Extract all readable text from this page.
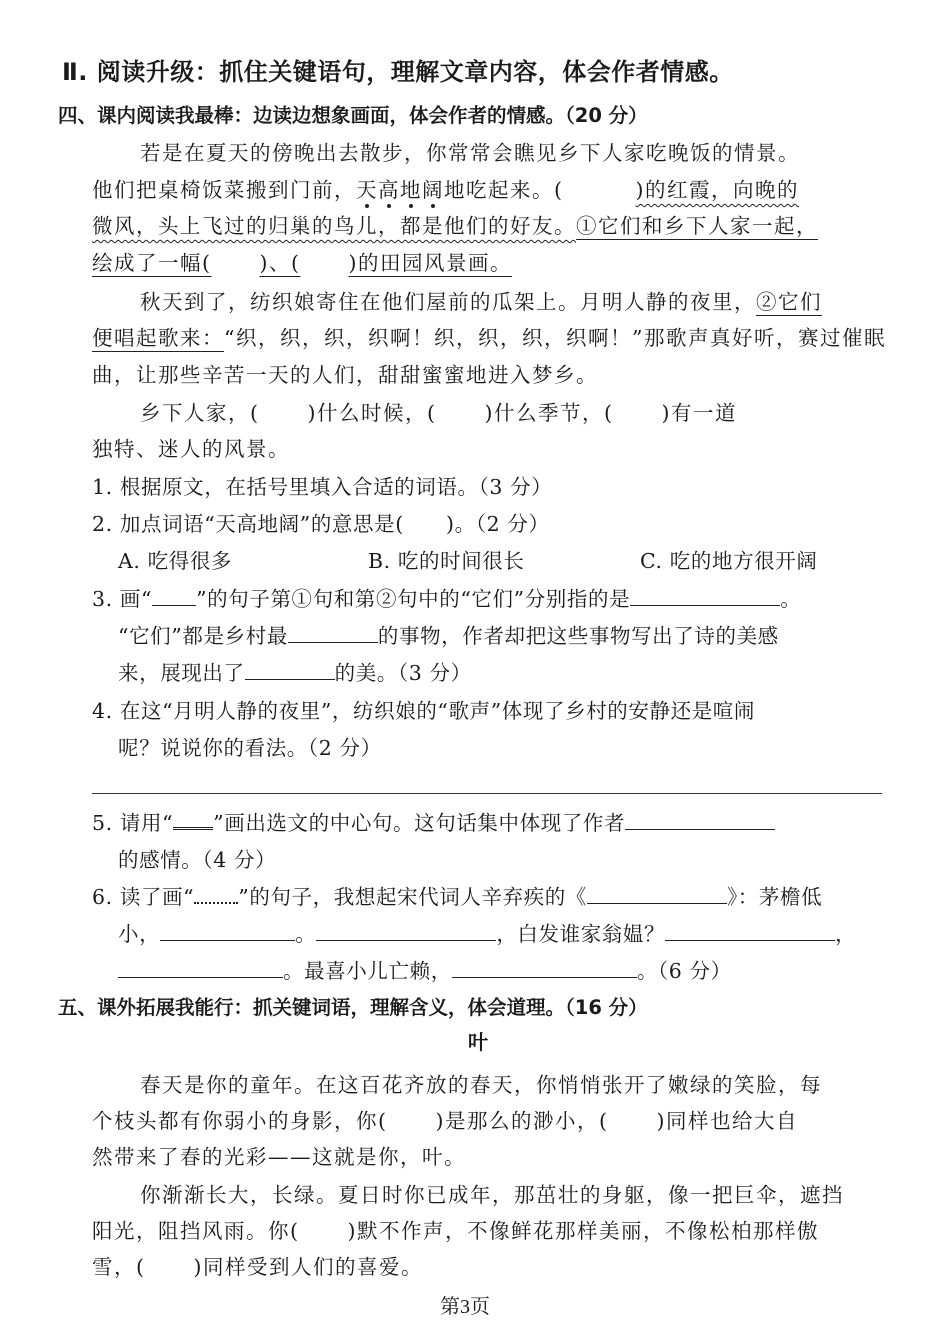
Ⅱ. 阅读升级：抓住关键语句，理解文章内容，体会作者情感。
四、课内阅读我最棒：边读边想象画面，体会作者的情感。（20 分）
若是在夏天的傍晚出去散步，你常常会瞧见乡下人家吃晚饭的情景。
他们把桌椅饭菜搬到门前，天高地阔地吃起来。(	)的红霞，向晚的
微风，头上飞过的归巢的鸟儿，都是他们的好友。①它们和乡下人家一起，
绘成了一幅( )、( )的田园风景画。
秋天到了，纺织娘寄住在他们屋前的瓜架上。月明人静的夜里，②它们
便唱起歌来：“织，织，织，织啊！织，织，织，织啊！”那歌声真好听，赛过催眠
曲，让那些辛苦一天的人们，甜甜蜜蜜地进入梦乡。
乡下人家，( )什么时候，( )什么季节，( )有一道
独特、迷人的风景。
1. 根据原文，在括号里填入合适的词语。（3 分）
2. 加点词语“天高地阔”的意思是(　　)。（2 分）
A. 吃得很多	B. 吃的时间很长	C. 吃的地方很开阔
3. 画“ ”的句子第①句和第②句中的“它们”分别指的是	。
“它们”都是乡村最	的事物，作者却把这些事物写出了诗的美感
来，展现出了	的美。（3 分）
4. 在这“月明人静的夜里”，纺织娘的“歌声”体现了乡村的安静还是喧闹
呢？说说你的看法。（2 分）
5. 请用“ ”画出选文的中心句。这句话集中体现了作者
的感情。（4 分）
6. 读了画“ ”的句子，我想起宋代词人辛弃疾的《	》：茅檐低
小，	。	，白发谁家翁媪？	，
。最喜小儿亡赖，	。（6 分）
五、课外拓展我能行：抓关键词语，理解含义，体会道理。（16 分）
叶
春天是你的童年。在这百花齐放的春天，你悄悄张开了嫩绿的笑脸，每
个枝头都有你弱小的身影，你( )是那么的渺小，( )同样也给大自
然带来了春的光彩——这就是你，叶。
你渐渐长大，长绿。夏日时你已成年，那茁壮的身躯，像一把巨伞，遮挡
阳光，阻挡风雨。你( )默不作声，不像鲜花那样美丽，不像松柏那样傲
雪，( )同样受到人们的喜爱。
第3页
